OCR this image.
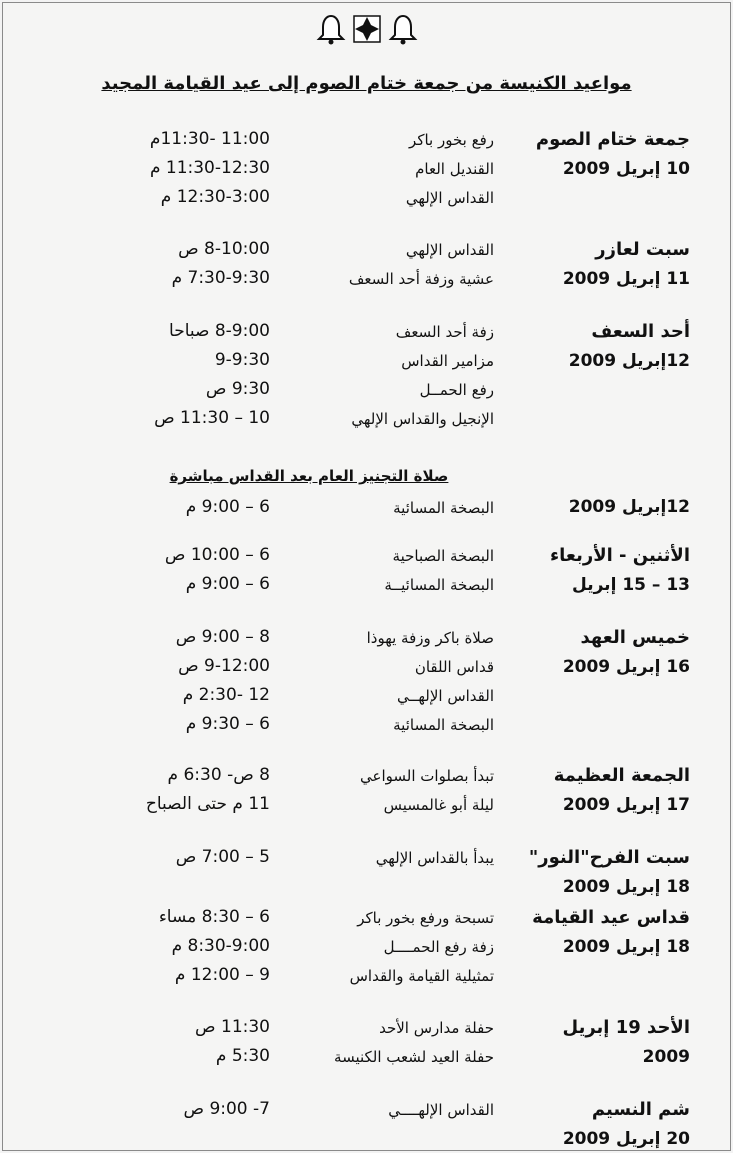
مواعيد الكنيسة من جمعة ختام الصوم إلى عيد القيامة المجيد
صلاة التجنيز العام بعد القداس مباشرة
جمعة ختام الصوم
10 إبريل 2009
رفع بخور باكر
11:00 -11:30م
القنديل العام
11:30-12:30 م
القداس الإلهي
12:30-3:00 م
سبت لعازر
11 إبريل 2009
القداس الإلهي
8-10:00 ص
عشية وزفة أحد السعف
7:30-9:30 م
أحد السعف
12إبريل 2009
زفة أحد السعف
8-9:00 صباحا
مزامير القداس
9-9:30
رفع الحمــل
9:30 ص
الإنجيل والقداس الإلهي
10 – 11:30 ص
12إبريل 2009
البصخة المسائية
6 – 9:00 م
الأثنين - الأربعاء
13 – 15 إبريل
البصخة الصباحية
6 – 10:00 ص
البصخة المسائيــة
6 – 9:00 م
خميس العهد
16 إبريل 2009
صلاة باكر وزفة يهوذا
8 – 9:00 ص
قداس اللقان
9-12:00 ص
القداس الإلهــي
12 -2:30 م
البصخة المسائية
6 – 9:30 م
الجمعة العظيمة
17 إبريل 2009
تبدأ بصلوات السواعي
8 ص- 6:30 م
ليلة أبو غالمسيس
11 م حتى الصباح
سبت الفرح"النور"
18 إبريل 2009
يبدأ بالقداس الإلهي
5 – 7:00 ص
قداس عيد القيامة
18 إبريل 2009
تسبحة ورفع بخور باكر
6 – 8:30 مساء
زفة رفع الحمــــل
8:30-9:00 م
تمثيلية القيامة والقداس
9 – 12:00 م
الأحد 19 إبريل
2009
حفلة مدارس الأحد
11:30 ص
حفلة العيد لشعب الكنيسة
5:30 م
شم النسيم
20 إبريل 2009
القداس الإلهــــي
7- 9:00 ص
